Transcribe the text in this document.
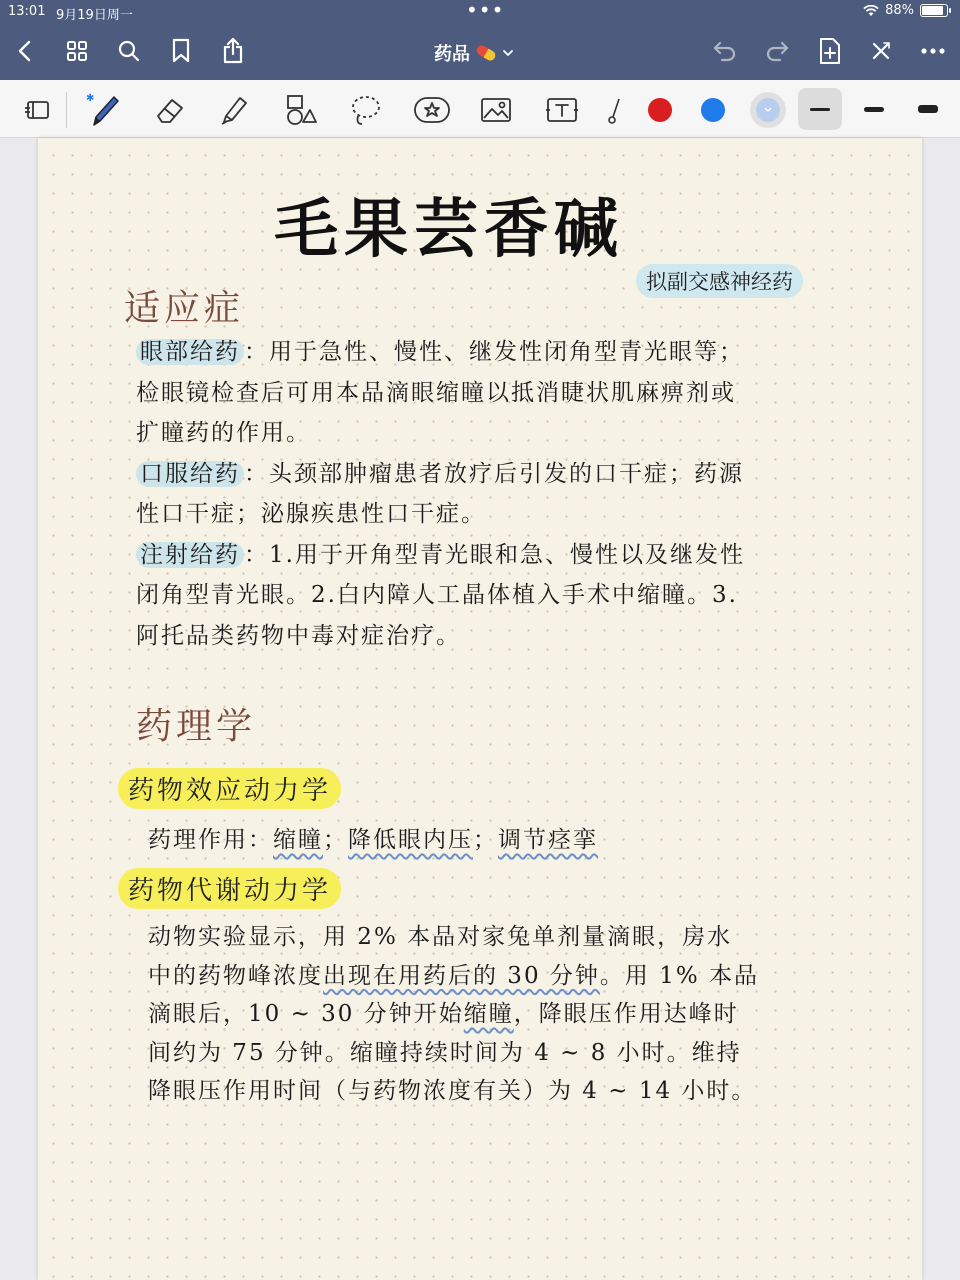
13:01 9月19日周一	•••	88%
药品
✱
毛果芸香碱
拟副交感神经药
适应症
眼部给药 ：用于急性、慢性、继发性闭角型青光眼等；
检眼镜检查后可用本品滴眼缩瞳以抵消睫状肌麻痹剂或
扩瞳药的作用。
口服给药 ：头颈部肿瘤患者放疗后引发的口干症；药源
性口干症；泌腺疾患性口干症。
注射给药 ：1.用于开角型青光眼和急、慢性以及继发性
闭角型青光眼。2.白内障人工晶体植入手术中缩瞳。3.
阿托品类药物中毒对症治疗。
药理学
药物效应动力学
药理作用：缩瞳；降低眼内压；调节痉挛
药物代谢动力学
动物实验显示，用 2% 本品对家兔单剂量滴眼，房水
中的药物峰浓度出现在用药后的 30 分钟。用 1% 本品
滴眼后，10 ~ 30 分钟开始缩瞳，降眼压作用达峰时
间约为 75 分钟。缩瞳持续时间为 4 ~ 8 小时。维持
降眼压作用时间（与药物浓度有关）为 4 ~ 14 小时。
